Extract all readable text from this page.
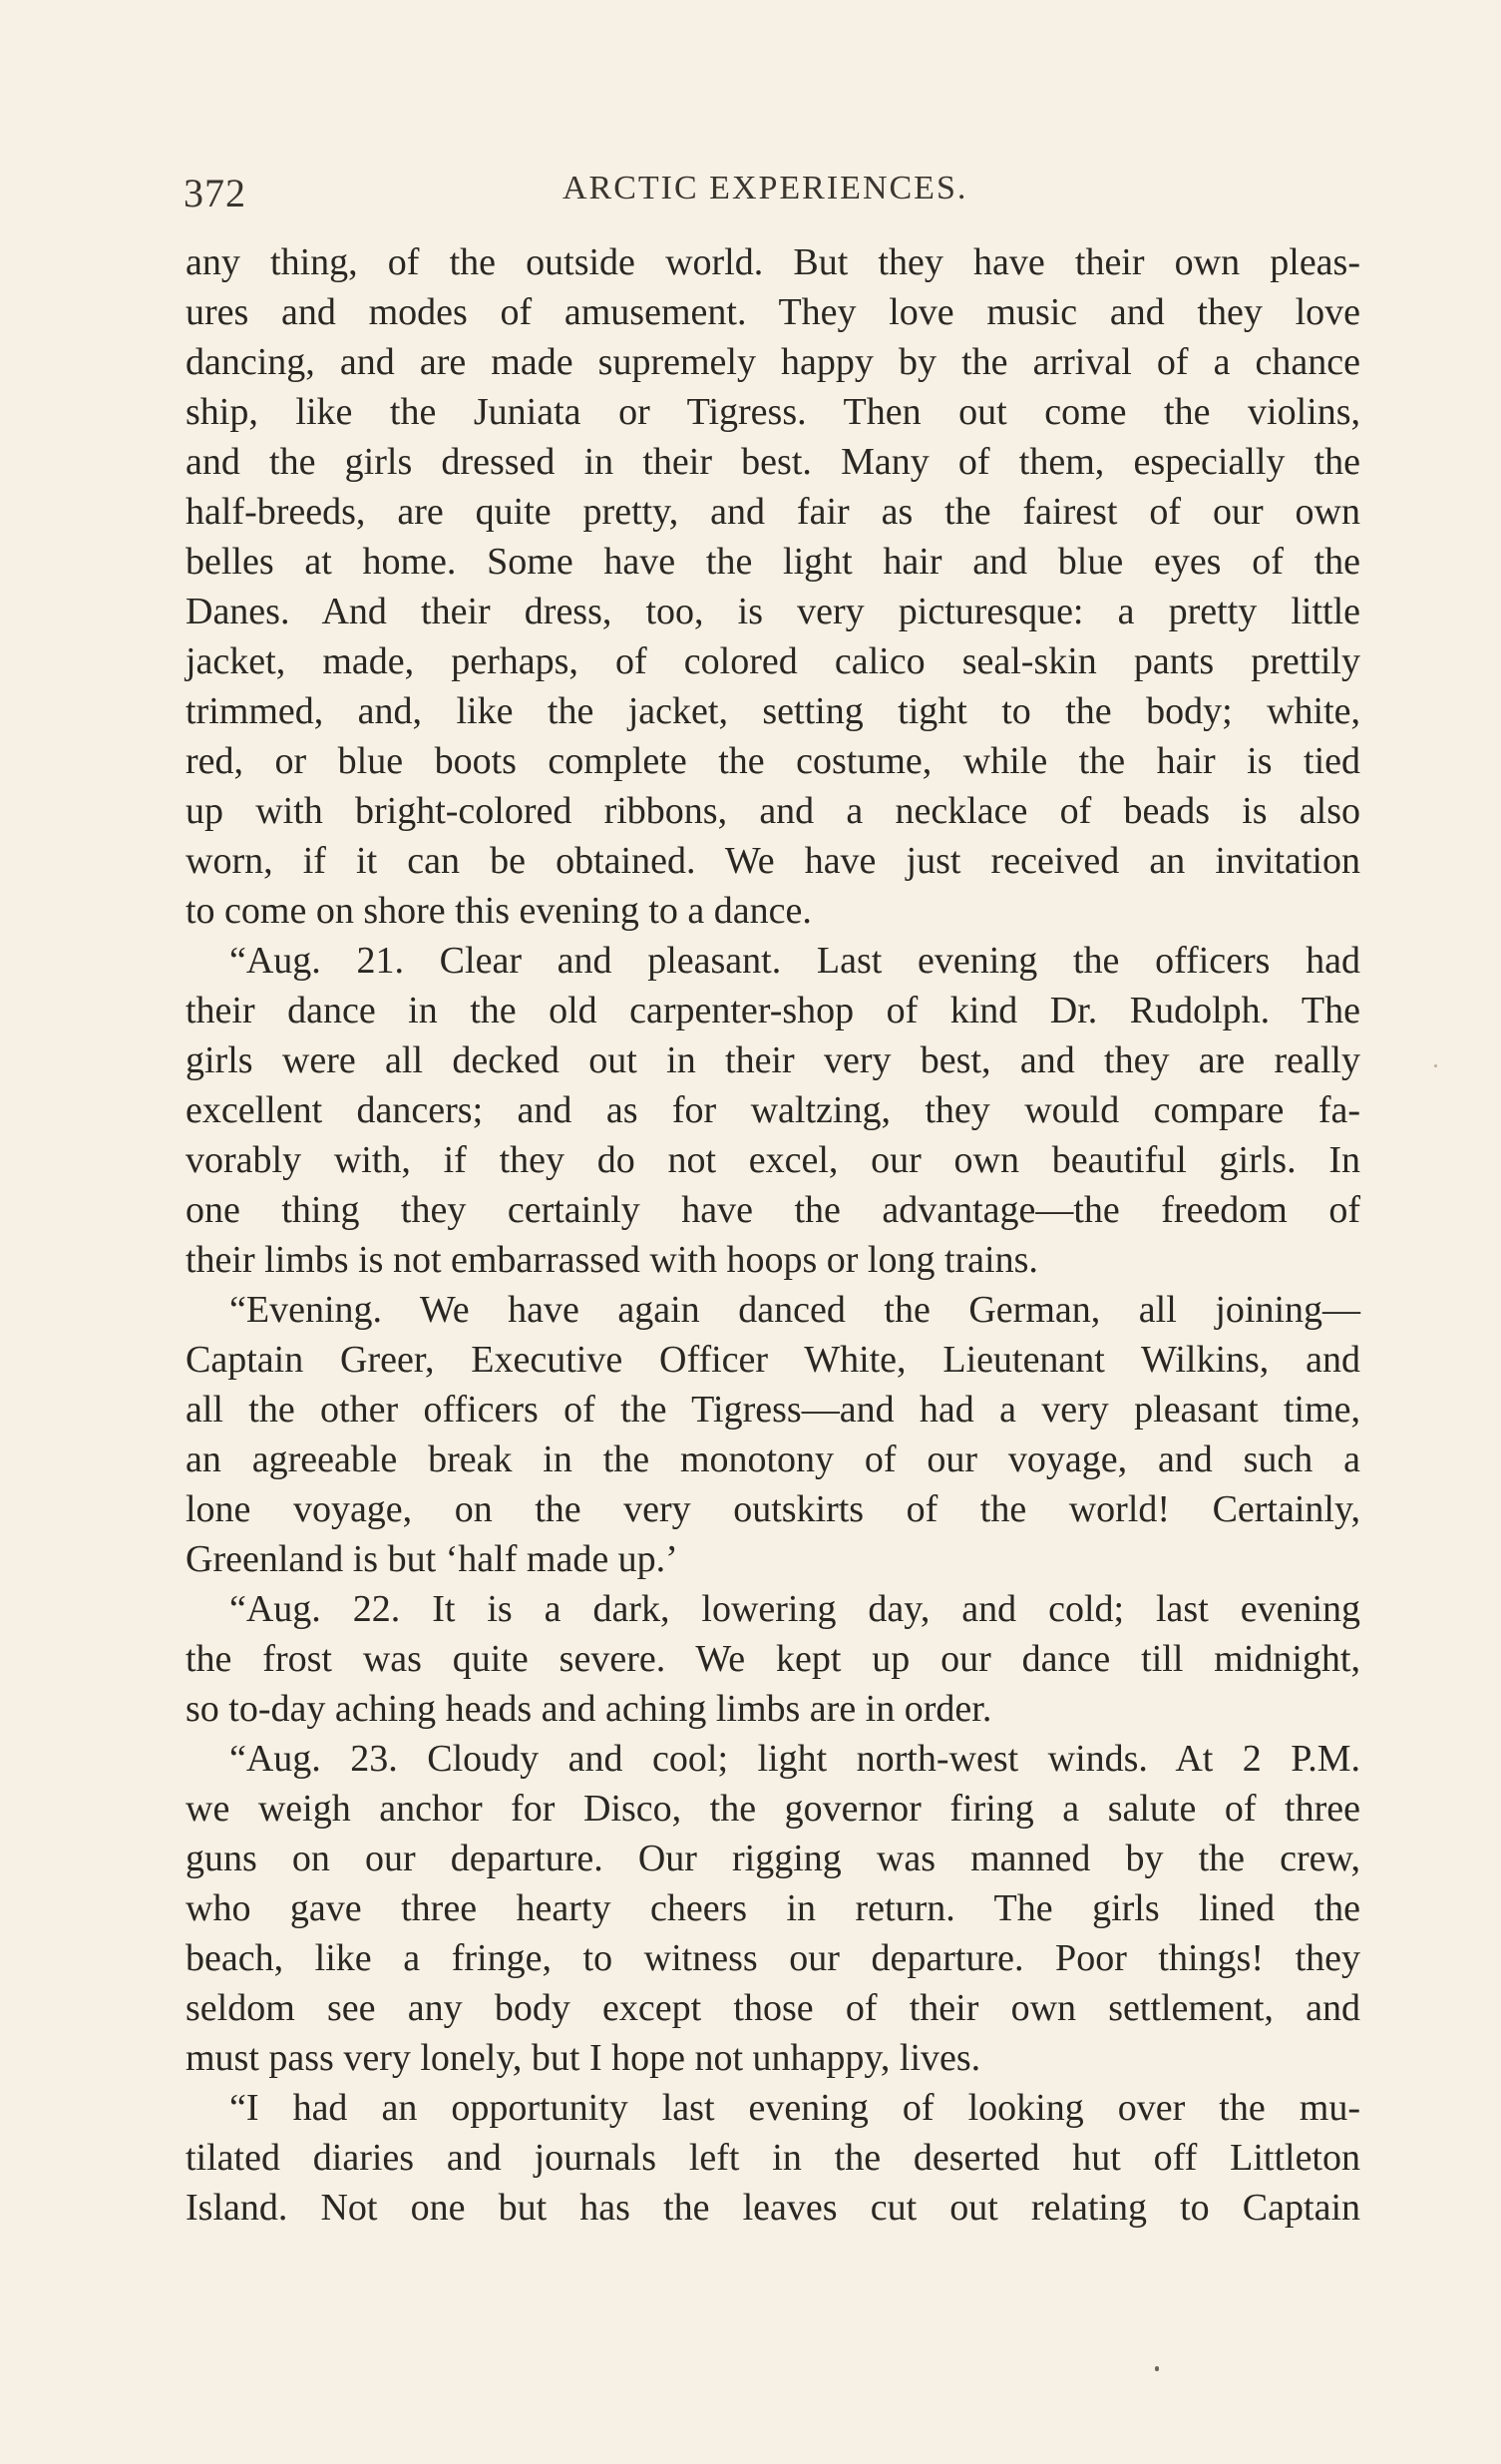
372	ARCTIC EXPERIENCES.
any thing, of the outside world. But they have their own pleas-
ures and modes of amusement. They love music and they love
dancing, and are made supremely happy by the arrival of a chance
ship, like the Juniata or Tigress. Then out come the violins,
and the girls dressed in their best. Many of them, especially the
half-breeds, are quite pretty, and fair as the fairest of our own
belles at home. Some have the light hair and blue eyes of the
Danes. And their dress, too, is very picturesque: a pretty little
jacket, made, perhaps, of colored calico seal-skin pants prettily
trimmed, and, like the jacket, setting tight to the body; white,
red, or blue boots complete the costume, while the hair is tied
up with bright-colored ribbons, and a necklace of beads is also
worn, if it can be obtained. We have just received an invitation
to come on shore this evening to a dance.
“Aug. 21. Clear and pleasant. Last evening the officers had
their dance in the old carpenter-shop of kind Dr. Rudolph. The
girls were all decked out in their very best, and they are really
excellent dancers; and as for waltzing, they would compare fa-
vorably with, if they do not excel, our own beautiful girls. In
one thing they certainly have the advantage—the freedom of
their limbs is not embarrassed with hoops or long trains.
“Evening. We have again danced the German, all joining—
Captain Greer, Executive Officer White, Lieutenant Wilkins, and
all the other officers of the Tigress—and had a very pleasant time,
an agreeable break in the monotony of our voyage, and such a
lone voyage, on the very outskirts of the world! Certainly,
Greenland is but ‘half made up.’
“Aug. 22. It is a dark, lowering day, and cold; last evening
the frost was quite severe. We kept up our dance till midnight,
so to-day aching heads and aching limbs are in order.
“Aug. 23. Cloudy and cool; light north-west winds. At 2 P.M.
we weigh anchor for Disco, the governor firing a salute of three
guns on our departure. Our rigging was manned by the crew,
who gave three hearty cheers in return. The girls lined the
beach, like a fringe, to witness our departure. Poor things! they
seldom see any body except those of their own settlement, and
must pass very lonely, but I hope not unhappy, lives.
“I had an opportunity last evening of looking over the mu-
tilated diaries and journals left in the deserted hut off Littleton
Island. Not one but has the leaves cut out relating to Captain
